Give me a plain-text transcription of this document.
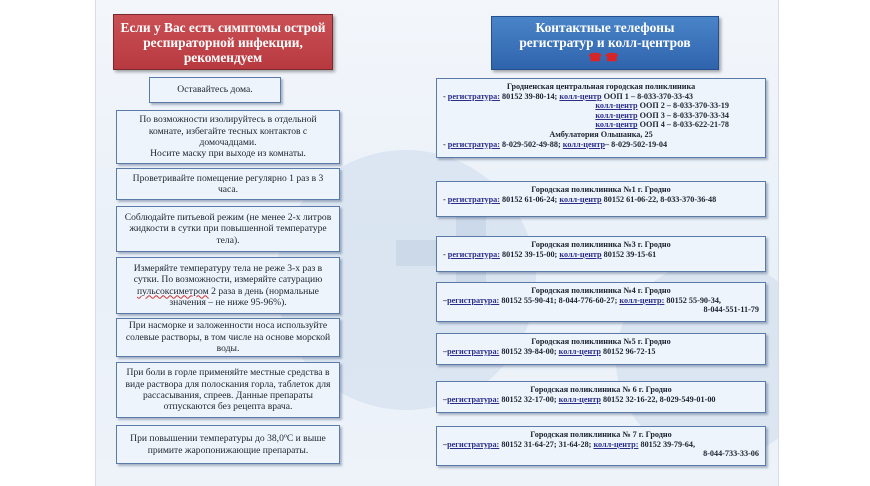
Если у Вас есть симптомы острой респираторной инфекции, рекомендуем
Оставайтесь дома.
По возможности изолируйтесь в отдельной комнате, избегайте тесных контактов с домочадцами.
Носите маску при выходе из комнаты.
Проветривайте помещение регулярно 1 раз в 3 часа.
Соблюдайте питьевой режим (не менее 2-х литров жидкости в сутки при повышенной температуре тела).
Измеряйте температуру тела не реже 3-х раз в сутки. По возможности, измеряйте сатурацию пульсоксиметром 2 раза в день (нормальные значения – не ниже 95-96%).
При насморке и заложенности носа используйте солевые растворы, в том числе на основе морской воды.
При боли в горле применяйте местные средства в виде раствора для полоскания горла, таблеток для рассасывания, спреев. Данные препараты отпускаются без рецепта врача.
При повышении температуры до 38,0ºС и выше примите жаропонижающие препараты.
Контактные телефоны
регистратур и колл-центров
☎☎
Гродненская центральная городская поликлиника
- регистратура: 80152 39-80-14; колл-центр ООП 1 – 8-033-370-33-43
колл-центр ООП 2 – 8-033-370-33-19
колл-центр ООП 3 – 8-033-370-33-34
колл-центр ООП 4 – 8-033-622-21-78
Амбулатория Ольшанка, 25
- регистратура: 8-029-502-49-88; колл-центр– 8-029-502-19-04
Городская поликлиника №1 г. Гродно
- регистратура: 80152 61-06-24; колл-центр 80152 61-06-22, 8-033-370-36-48
Городская поликлиника №3 г. Гродно
- регистратура: 80152 39-15-00; колл-центр 80152 39-15-61
Городская поликлиника №4 г. Гродно
–регистратура: 80152 55-90-41; 8-044-776-60-27; колл-центр: 80152 55-90-34,
8-044-551-11-79
Городская поликлиника №5 г. Гродно
–регистратура: 80152 39-84-00; колл-центр 80152 96-72-15
Городская поликлиника № 6 г. Гродно
–регистратура: 80152 32-17-00; колл-центр 80152 32-16-22, 8-029-549-01-00
Городская поликлиника № 7 г. Гродно
–регистратура: 80152 31-64-27; 31-64-28; колл-центр: 80152 39-79-64,
8-044-733-33-06
